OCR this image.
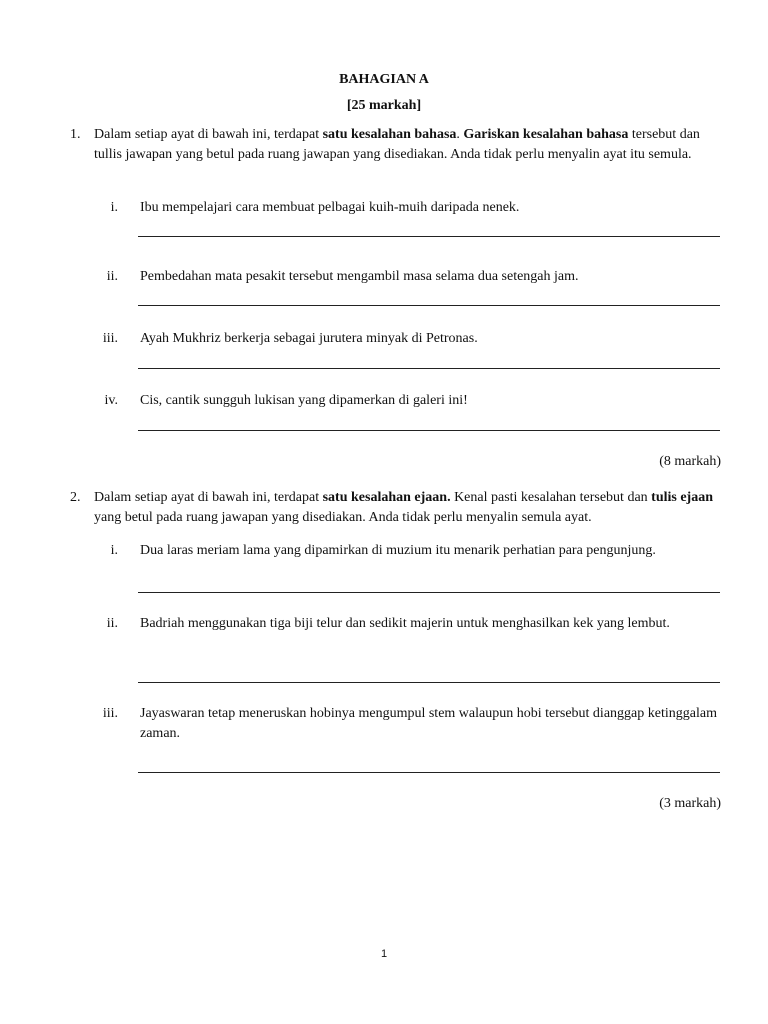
BAHAGIAN A
[25 markah]
1. Dalam setiap ayat di bawah ini, terdapat satu kesalahan bahasa. Gariskan kesalahan bahasa tersebut dan tullis jawapan yang betul pada ruang jawapan yang disediakan. Anda tidak perlu menyalin ayat itu semula.
i. Ibu mempelajari cara membuat pelbagai kuih-muih daripada nenek.
ii. Pembedahan mata pesakit tersebut mengambil masa selama dua setengah jam.
iii. Ayah Mukhriz berkerja sebagai jurutera minyak di Petronas.
iv. Cis, cantik sungguh lukisan yang dipamerkan di galeri ini!
(8 markah)
2. Dalam setiap ayat di bawah ini, terdapat satu kesalahan ejaan. Kenal pasti kesalahan tersebut dan tulis ejaan yang betul pada ruang jawapan yang disediakan. Anda tidak perlu menyalin semula ayat.
i. Dua laras meriam lama yang dipamirkan di muzium itu menarik perhatian para pengunjung.
ii. Badriah menggunakan tiga biji telur dan sedikit majerin untuk menghasilkan kek yang lembut.
iii. Jayaswaran tetap meneruskan hobinya mengumpul stem walaupun hobi tersebut dianggap ketinggalam zaman.
(3 markah)
1
